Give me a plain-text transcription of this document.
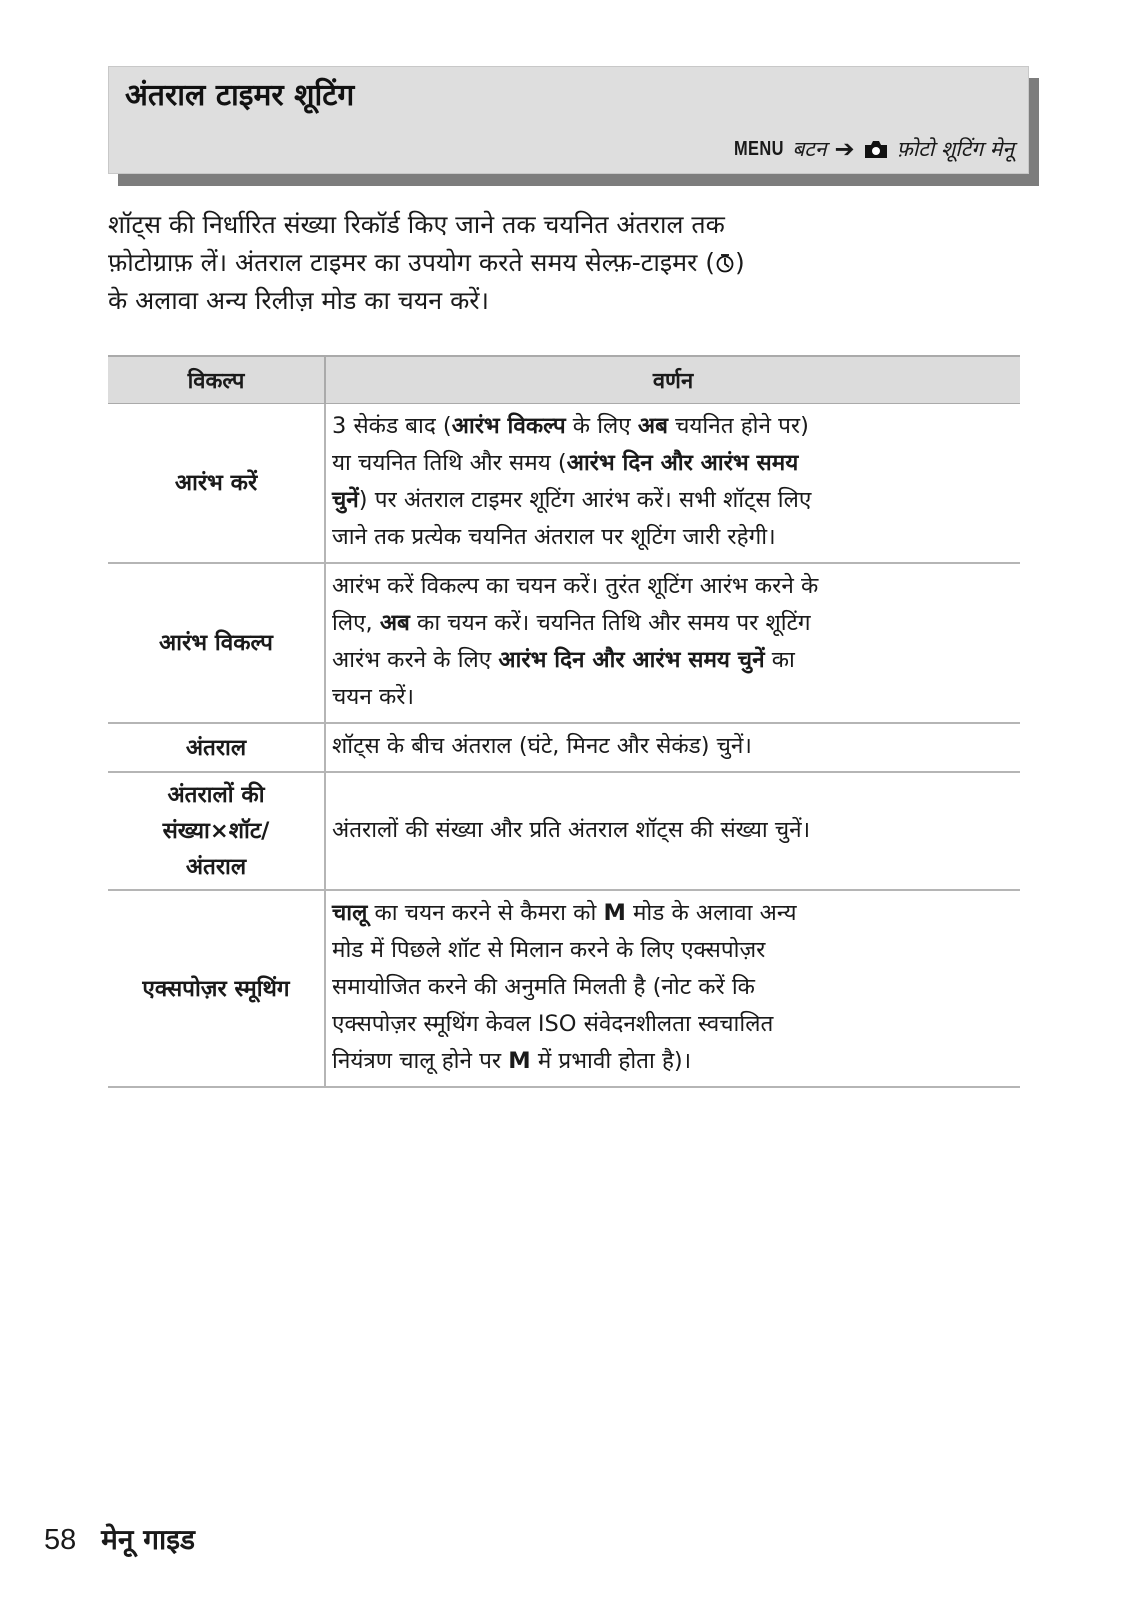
अंतराल टाइमर शूटिंग
MENU बटन ➔ फ़ोटो शूटिंग मेनू
शॉट्स की निर्धारित संख्या रिकॉर्ड किए जाने तक चयनित अंतराल तक
फ़ोटोग्राफ़ लें। अंतराल टाइमर का उपयोग करते समय सेल्फ़-टाइमर ( )
के अलावा अन्य रिलीज़ मोड का चयन करें।
विकल्प	वर्णन
आरंभ करें	3 सेकंड बाद (आरंभ विकल्प के लिए अब चयनित होने पर)
या चयनित तिथि और समय (आरंभ दिन और आरंभ समय
चुनें) पर अंतराल टाइमर शूटिंग आरंभ करें। सभी शॉट्स लिए
जाने तक प्रत्येक चयनित अंतराल पर शूटिंग जारी रहेगी।

आरंभ विकल्प	आरंभ करें विकल्प का चयन करें। तुरंत शूटिंग आरंभ करने के
लिए, अब का चयन करें। चयनित तिथि और समय पर शूटिंग
आरंभ करने के लिए आरंभ दिन और आरंभ समय चुनें का
चयन करें।

अंतराल	शॉट्स के बीच अंतराल (घंटे, मिनट और सेकंड) चुनें।

अंतरालों की
संख्या×शॉट/
अंतराल	अंतरालों की संख्या और प्रति अंतराल शॉट्स की संख्या चुनें।

एक्सपोज़र स्मूथिंग	चालू का चयन करने से कैमरा को M मोड के अलावा अन्य
मोड में पिछले शॉट से मिलान करने के लिए एक्सपोज़र
समायोजित करने की अनुमति मिलती है (नोट करें कि
एक्सपोज़र स्मूथिंग केवल ISO संवेदनशीलता स्वचालित
नियंत्रण चालू होने पर M में प्रभावी होता है)।
58 मेनू गाइड
